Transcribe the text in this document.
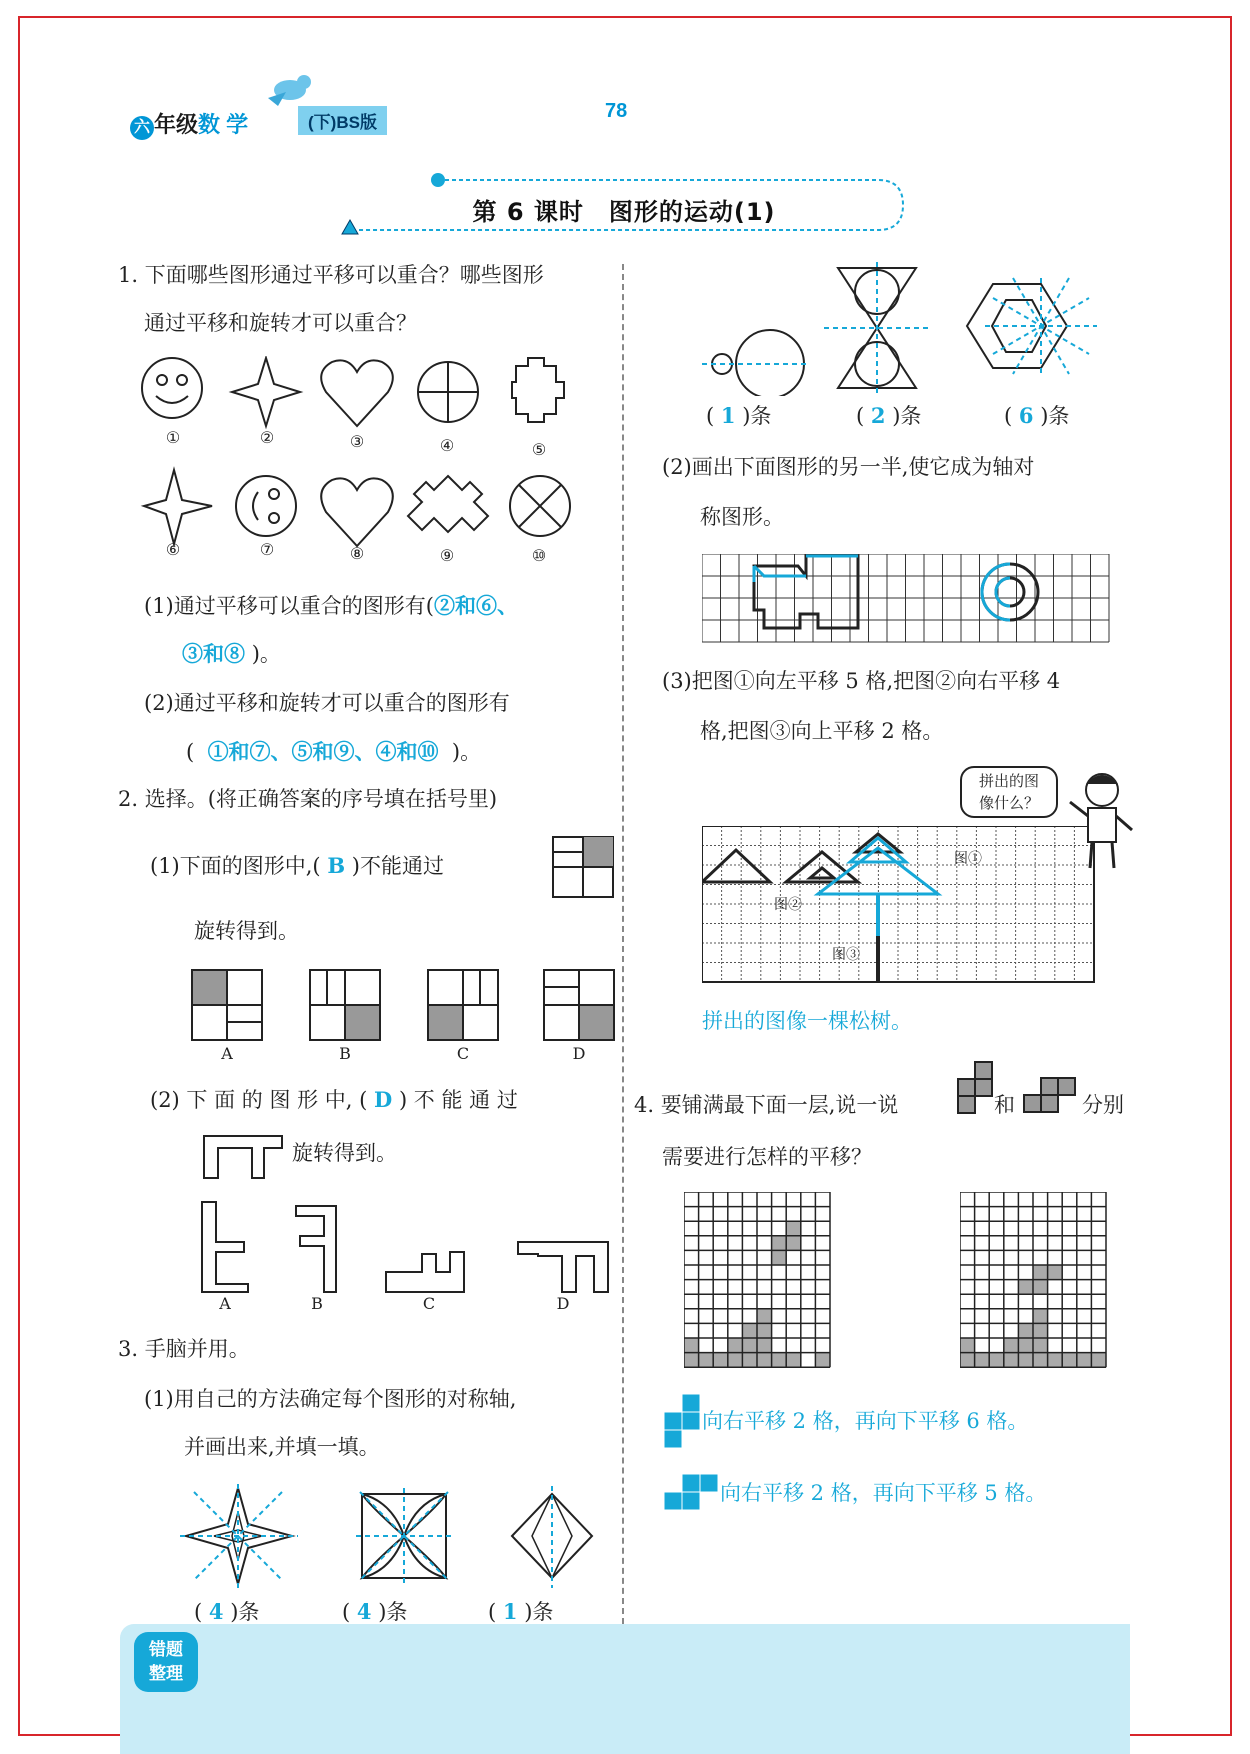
六 年级数 学	(下)BS版
78
第 6 课时　图形的运动(1)
1. 下面哪些图形通过平移可以重合？哪些图形
通过平移和旋转才可以重合？
①	②	③	④	⑤
⑥	⑦	⑧	⑨	⑩
(1)通过平移可以重合的图形有(②和⑥、
③和⑧ )。
(2)通过平移和旋转才可以重合的图形有
( ①和⑦、⑤和⑨、④和⑩ )。
2. 选择。(将正确答案的序号填在括号里)
(1)下面的图形中,( B )不能通过
旋转得到。
A	B	C	D
(2) 下 面 的 图 形 中, ( D ) 不 能 通 过
旋转得到。
A	B	C	D
3. 手脑并用。
(1)用自己的方法确定每个图形的对称轴,
并画出来,并填一填。
( 4 )条	( 4 )条	( 1 )条
( 1 )条	( 2 )条	( 6 )条
(2)画出下面图形的另一半,使它成为轴对
称图形。
(3)把图①向左平移 5 格,把图②向右平移 4
格,把图③向上平移 2 格。
图①
图②
图③
拼出的图
像什么？
拼出的图像一棵松树。
4. 要铺满最下面一层,说一说	和	分别
需要进行怎样的平移？
向右平移 2 格，再向下平移 6 格。
向右平移 2 格，再向下平移 5 格。
错题
整理
